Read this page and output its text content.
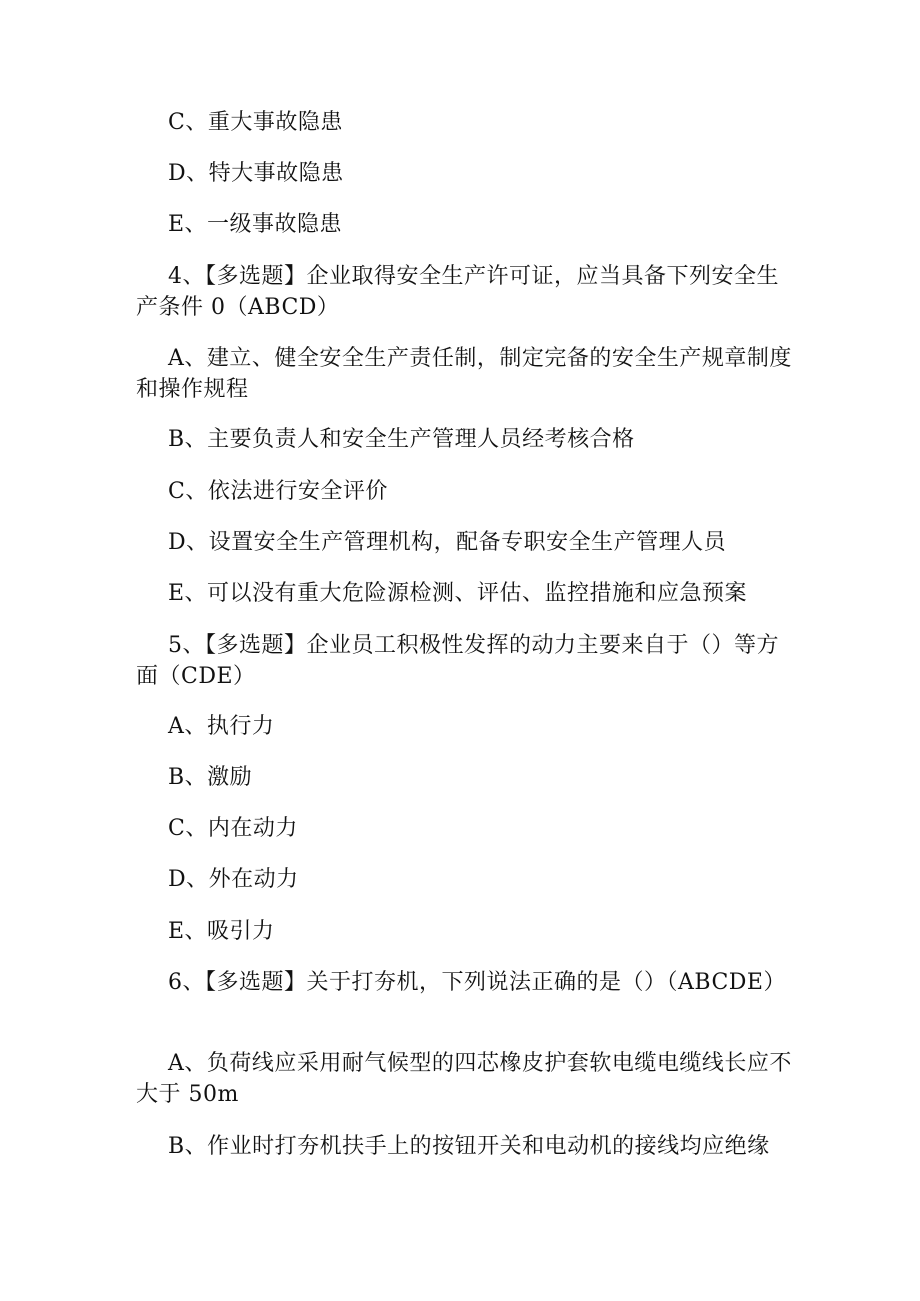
C、重大事故隐患
D、特大事故隐患
E、一级事故隐患
4、【多选题】企业取得安全生产许可证，应当具备下列安全生产条件 0（ABCD）
A、建立、健全安全生产责任制，制定完备的安全生产规章制度和操作规程
B、主要负责人和安全生产管理人员经考核合格
C、依法进行安全评价
D、设置安全生产管理机构，配备专职安全生产管理人员
E、可以没有重大危险源检测、评估、监控措施和应急预案
5、【多选题】企业员工积极性发挥的动力主要来自于（）等方面（CDE）
A、执行力
B、激励
C、内在动力
D、外在动力
E、吸引力
6、【多选题】关于打夯机，下列说法正确的是（）（ABCDE）
A、负荷线应采用耐气候型的四芯橡皮护套软电缆电缆线长应不大于 50m
B、作业时打夯机扶手上的按钮开关和电动机的接线均应绝缘
